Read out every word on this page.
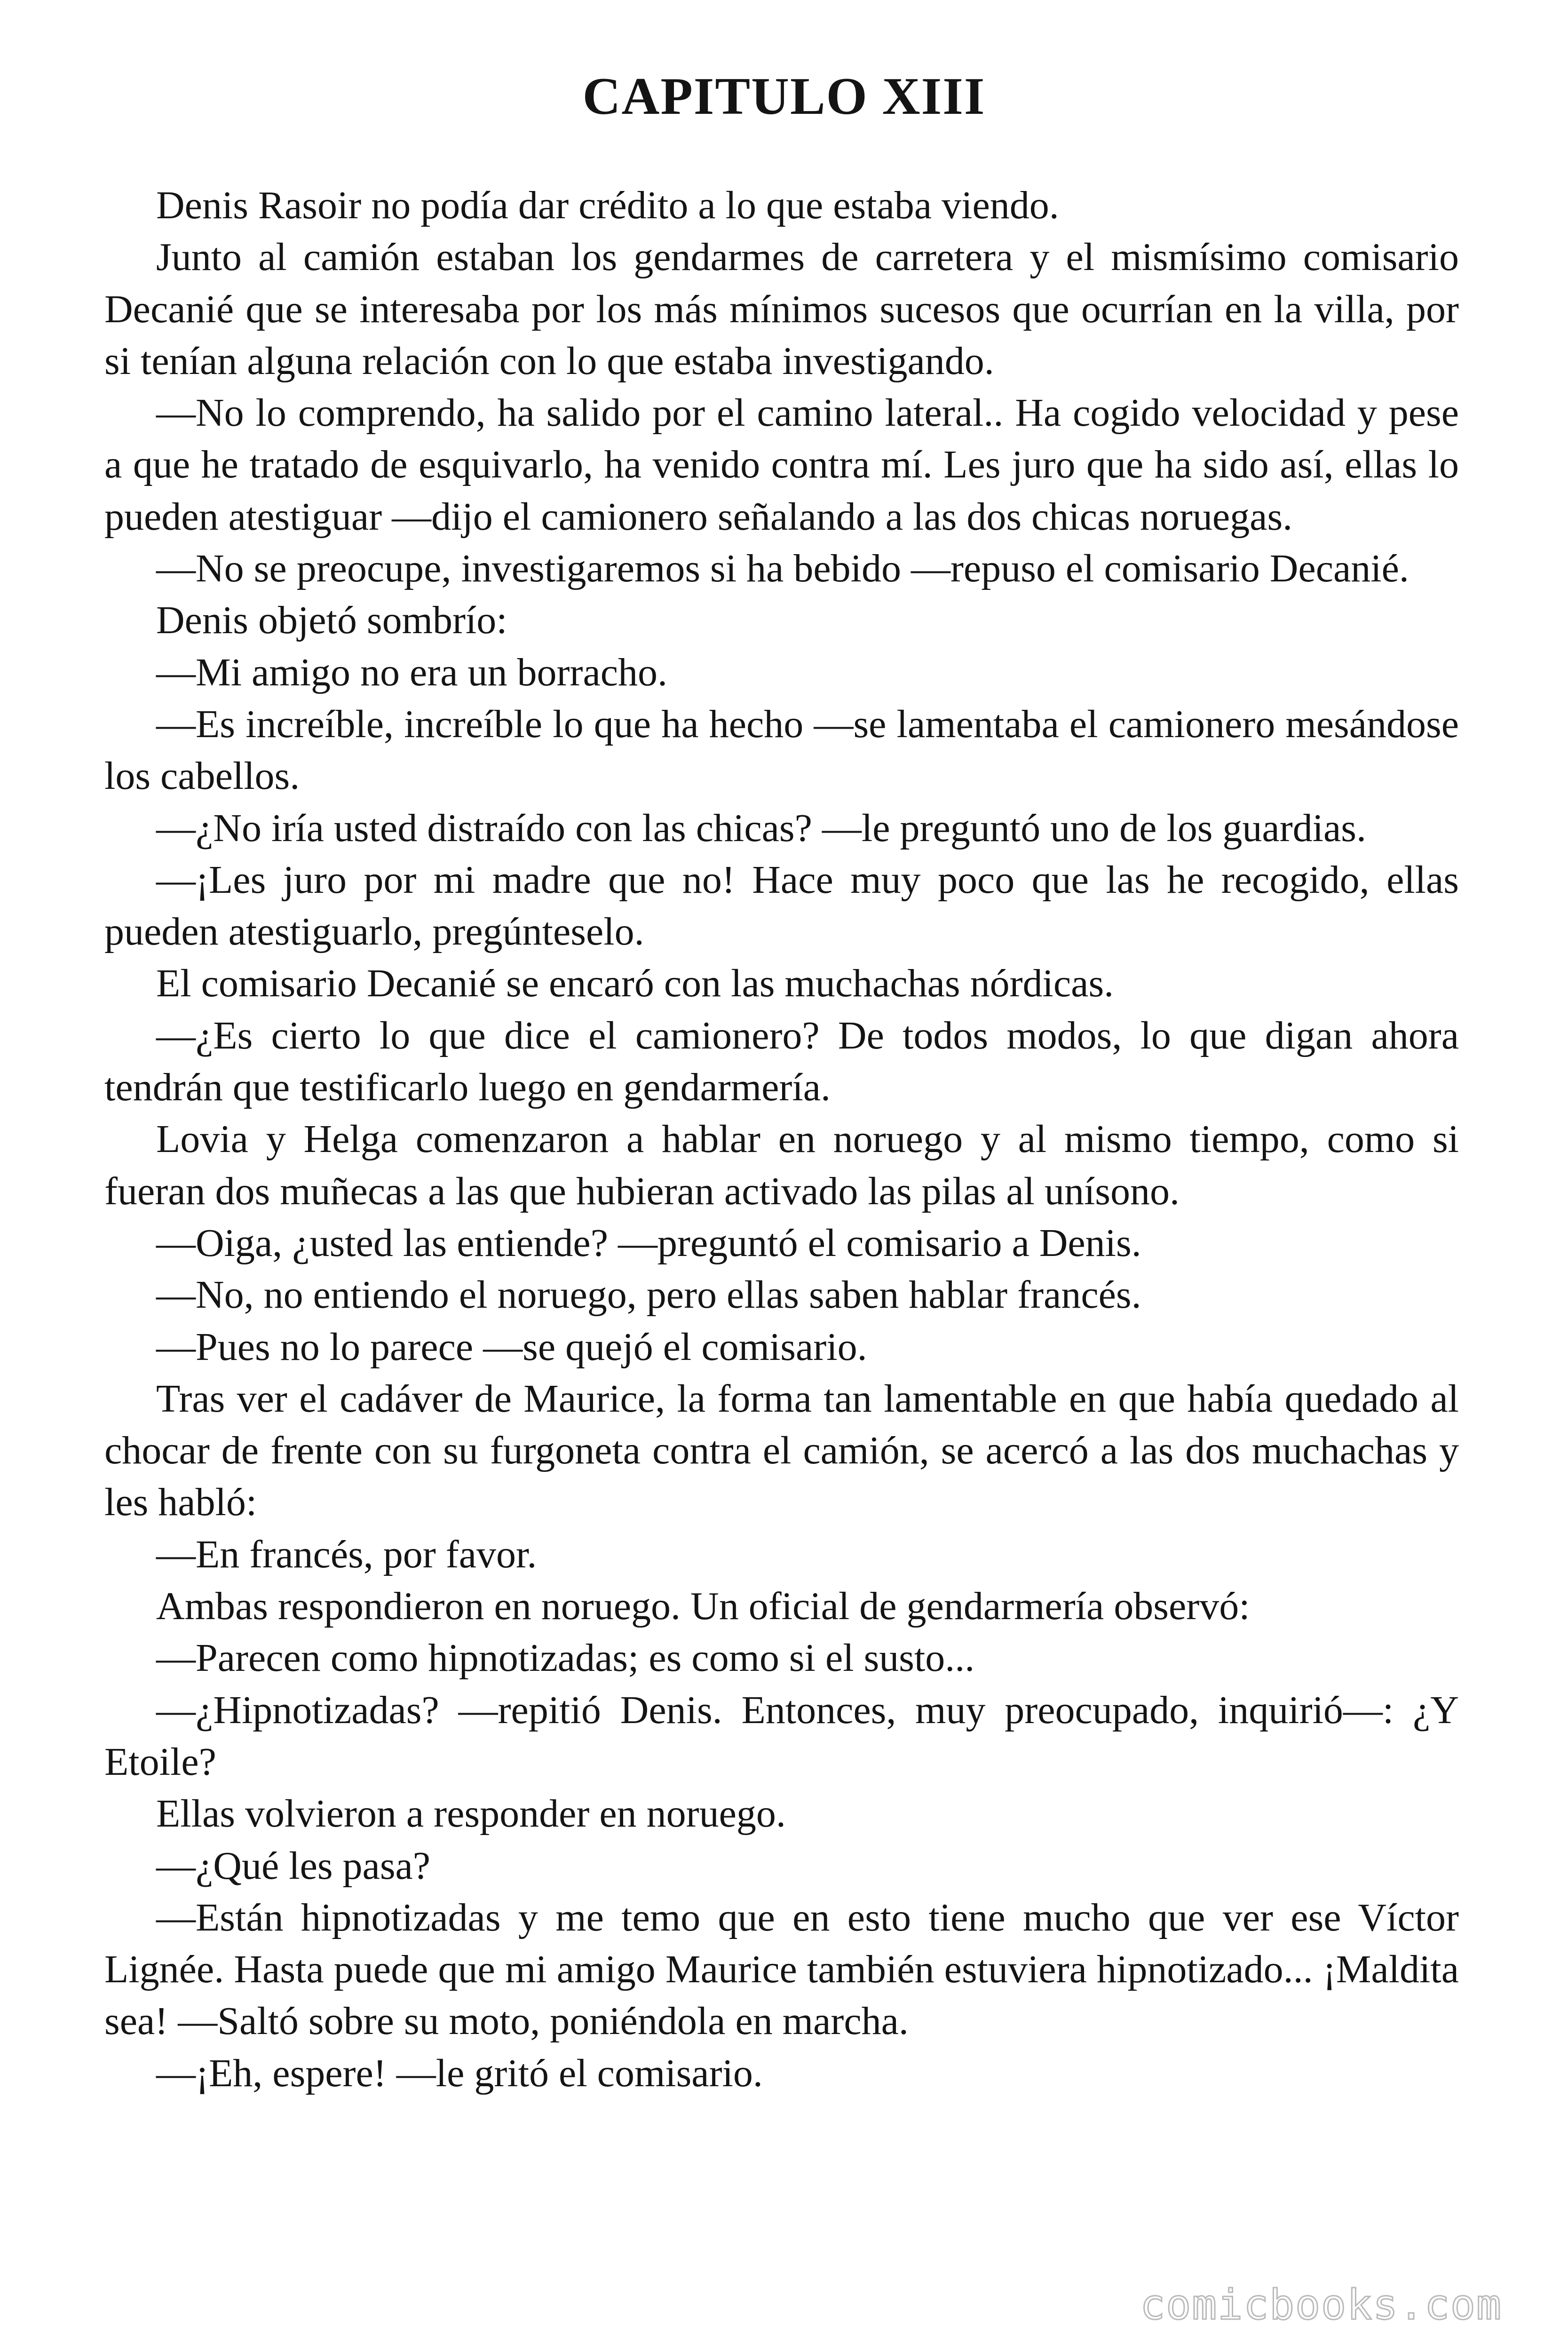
CAPITULO XIII

Denis Rasoir no podía dar crédito a lo que estaba viendo.

Junto al camión estaban los gendarmes de carretera y el mismísimo comisario Decanié que se interesaba por los más mínimos sucesos que ocurrían en la villa, por si tenían alguna relación con lo que estaba investigando.

—No lo comprendo, ha salido por el camino lateral.. Ha cogido velocidad y pese a que he tratado de esquivarlo, ha venido contra mí. Les juro que ha sido así, ellas lo pueden atestiguar —dijo el camionero señalando a las dos chicas noruegas.

—No se preocupe, investigaremos si ha bebido —repuso el comisario Decanié.

Denis objetó sombrío:

—Mi amigo no era un borracho.

—Es increíble, increíble lo que ha hecho —se lamentaba el camionero mesándose los cabellos.

—¿No iría usted distraído con las chicas? —le preguntó uno de los guardias.

—¡Les juro por mi madre que no! Hace muy poco que las he recogido, ellas pueden atestiguarlo, pregúnteselo.

El comisario Decanié se encaró con las muchachas nórdicas.

—¿Es cierto lo que dice el camionero? De todos modos, lo que digan ahora tendrán que testificarlo luego en gendarmería.

Lovia y Helga comenzaron a hablar en noruego y al mismo tiempo, como si fueran dos muñecas a las que hubieran activado las pilas al unísono.

—Oiga, ¿usted las entiende? —preguntó el comisario a Denis.

—No, no entiendo el noruego, pero ellas saben hablar francés.

—Pues no lo parece —se quejó el comisario.

Tras ver el cadáver de Maurice, la forma tan lamentable en que había quedado al chocar de frente con su furgoneta contra el camión, se acercó a las dos muchachas y les habló:

—En francés, por favor.

Ambas respondieron en noruego. Un oficial de gendarmería observó:

—Parecen como hipnotizadas; es como si el susto...

—¿Hipnotizadas? —repitió Denis. Entonces, muy preocupado, inquirió—: ¿Y Etoile?

Ellas volvieron a responder en noruego.

—¿Qué les pasa?

—Están hipnotizadas y me temo que en esto tiene mucho que ver ese Víctor Lignée. Hasta puede que mi amigo Maurice también estuviera hipnotizado... ¡Maldita sea! —Saltó sobre su moto, poniéndola en marcha.

—¡Eh, espere! —le gritó el comisario.

comicbooks.com
